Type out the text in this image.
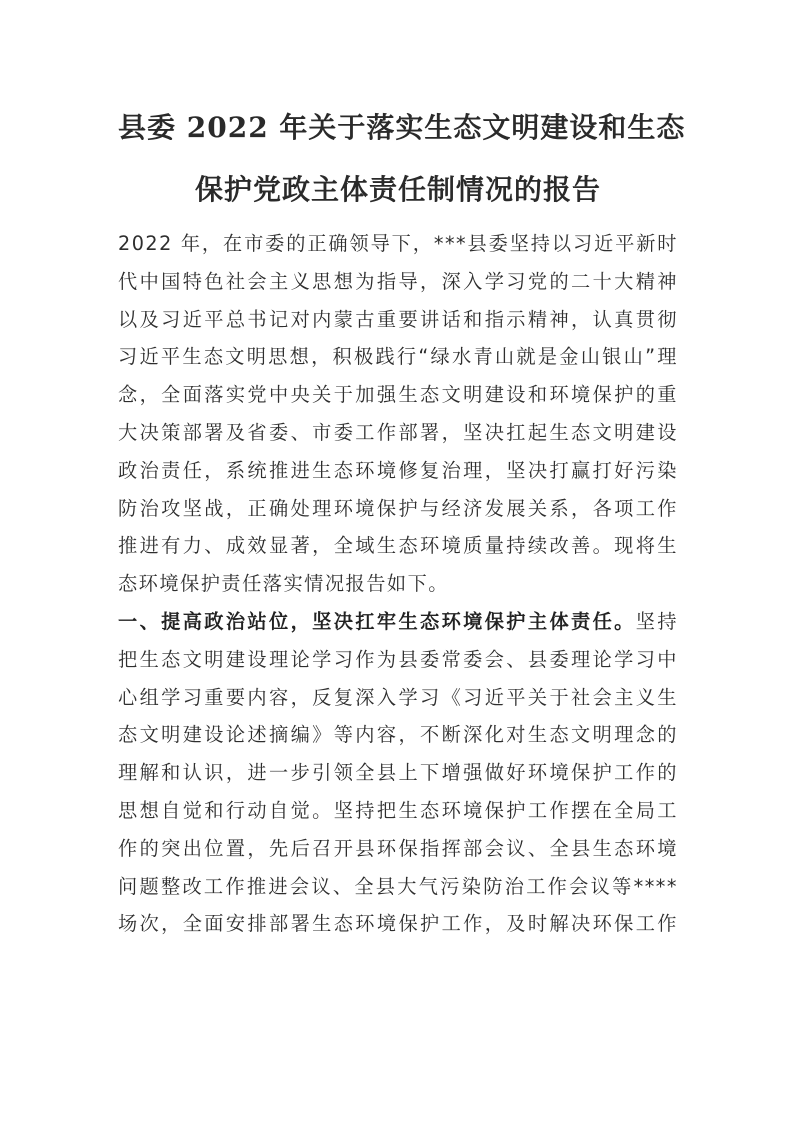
县委 2022 年关于落实生态文明建设和生态
保护党政主体责任制情况的报告
2022 年，在市委的正确领导下，***县委坚持以习近平新时
代中国特色社会主义思想为指导，深入学习党的二十大精神
以及习近平总书记对内蒙古重要讲话和指示精神，认真贯彻
习近平生态文明思想，积极践行“绿水青山就是金山银山”理
念，全面落实党中央关于加强生态文明建设和环境保护的重
大决策部署及省委、市委工作部署，坚决扛起生态文明建设
政治责任，系统推进生态环境修复治理，坚决打赢打好污染
防治攻坚战，正确处理环境保护与经济发展关系，各项工作
推进有力、成效显著，全域生态环境质量持续改善。现将生
态环境保护责任落实情况报告如下。
一、提高政治站位，坚决扛牢生态环境保护主体责任。坚持
把生态文明建设理论学习作为县委常委会、县委理论学习中
心组学习重要内容，反复深入学习《习近平关于社会主义生
态文明建设论述摘编》等内容，不断深化对生态文明理念的
理解和认识，进一步引领全县上下增强做好环境保护工作的
思想自觉和行动自觉。坚持把生态环境保护工作摆在全局工
作的突出位置，先后召开县环保指挥部会议、全县生态环境
问题整改工作推进会议、全县大气污染防治工作会议等****
场次，全面安排部署生态环境保护工作，及时解决环保工作
